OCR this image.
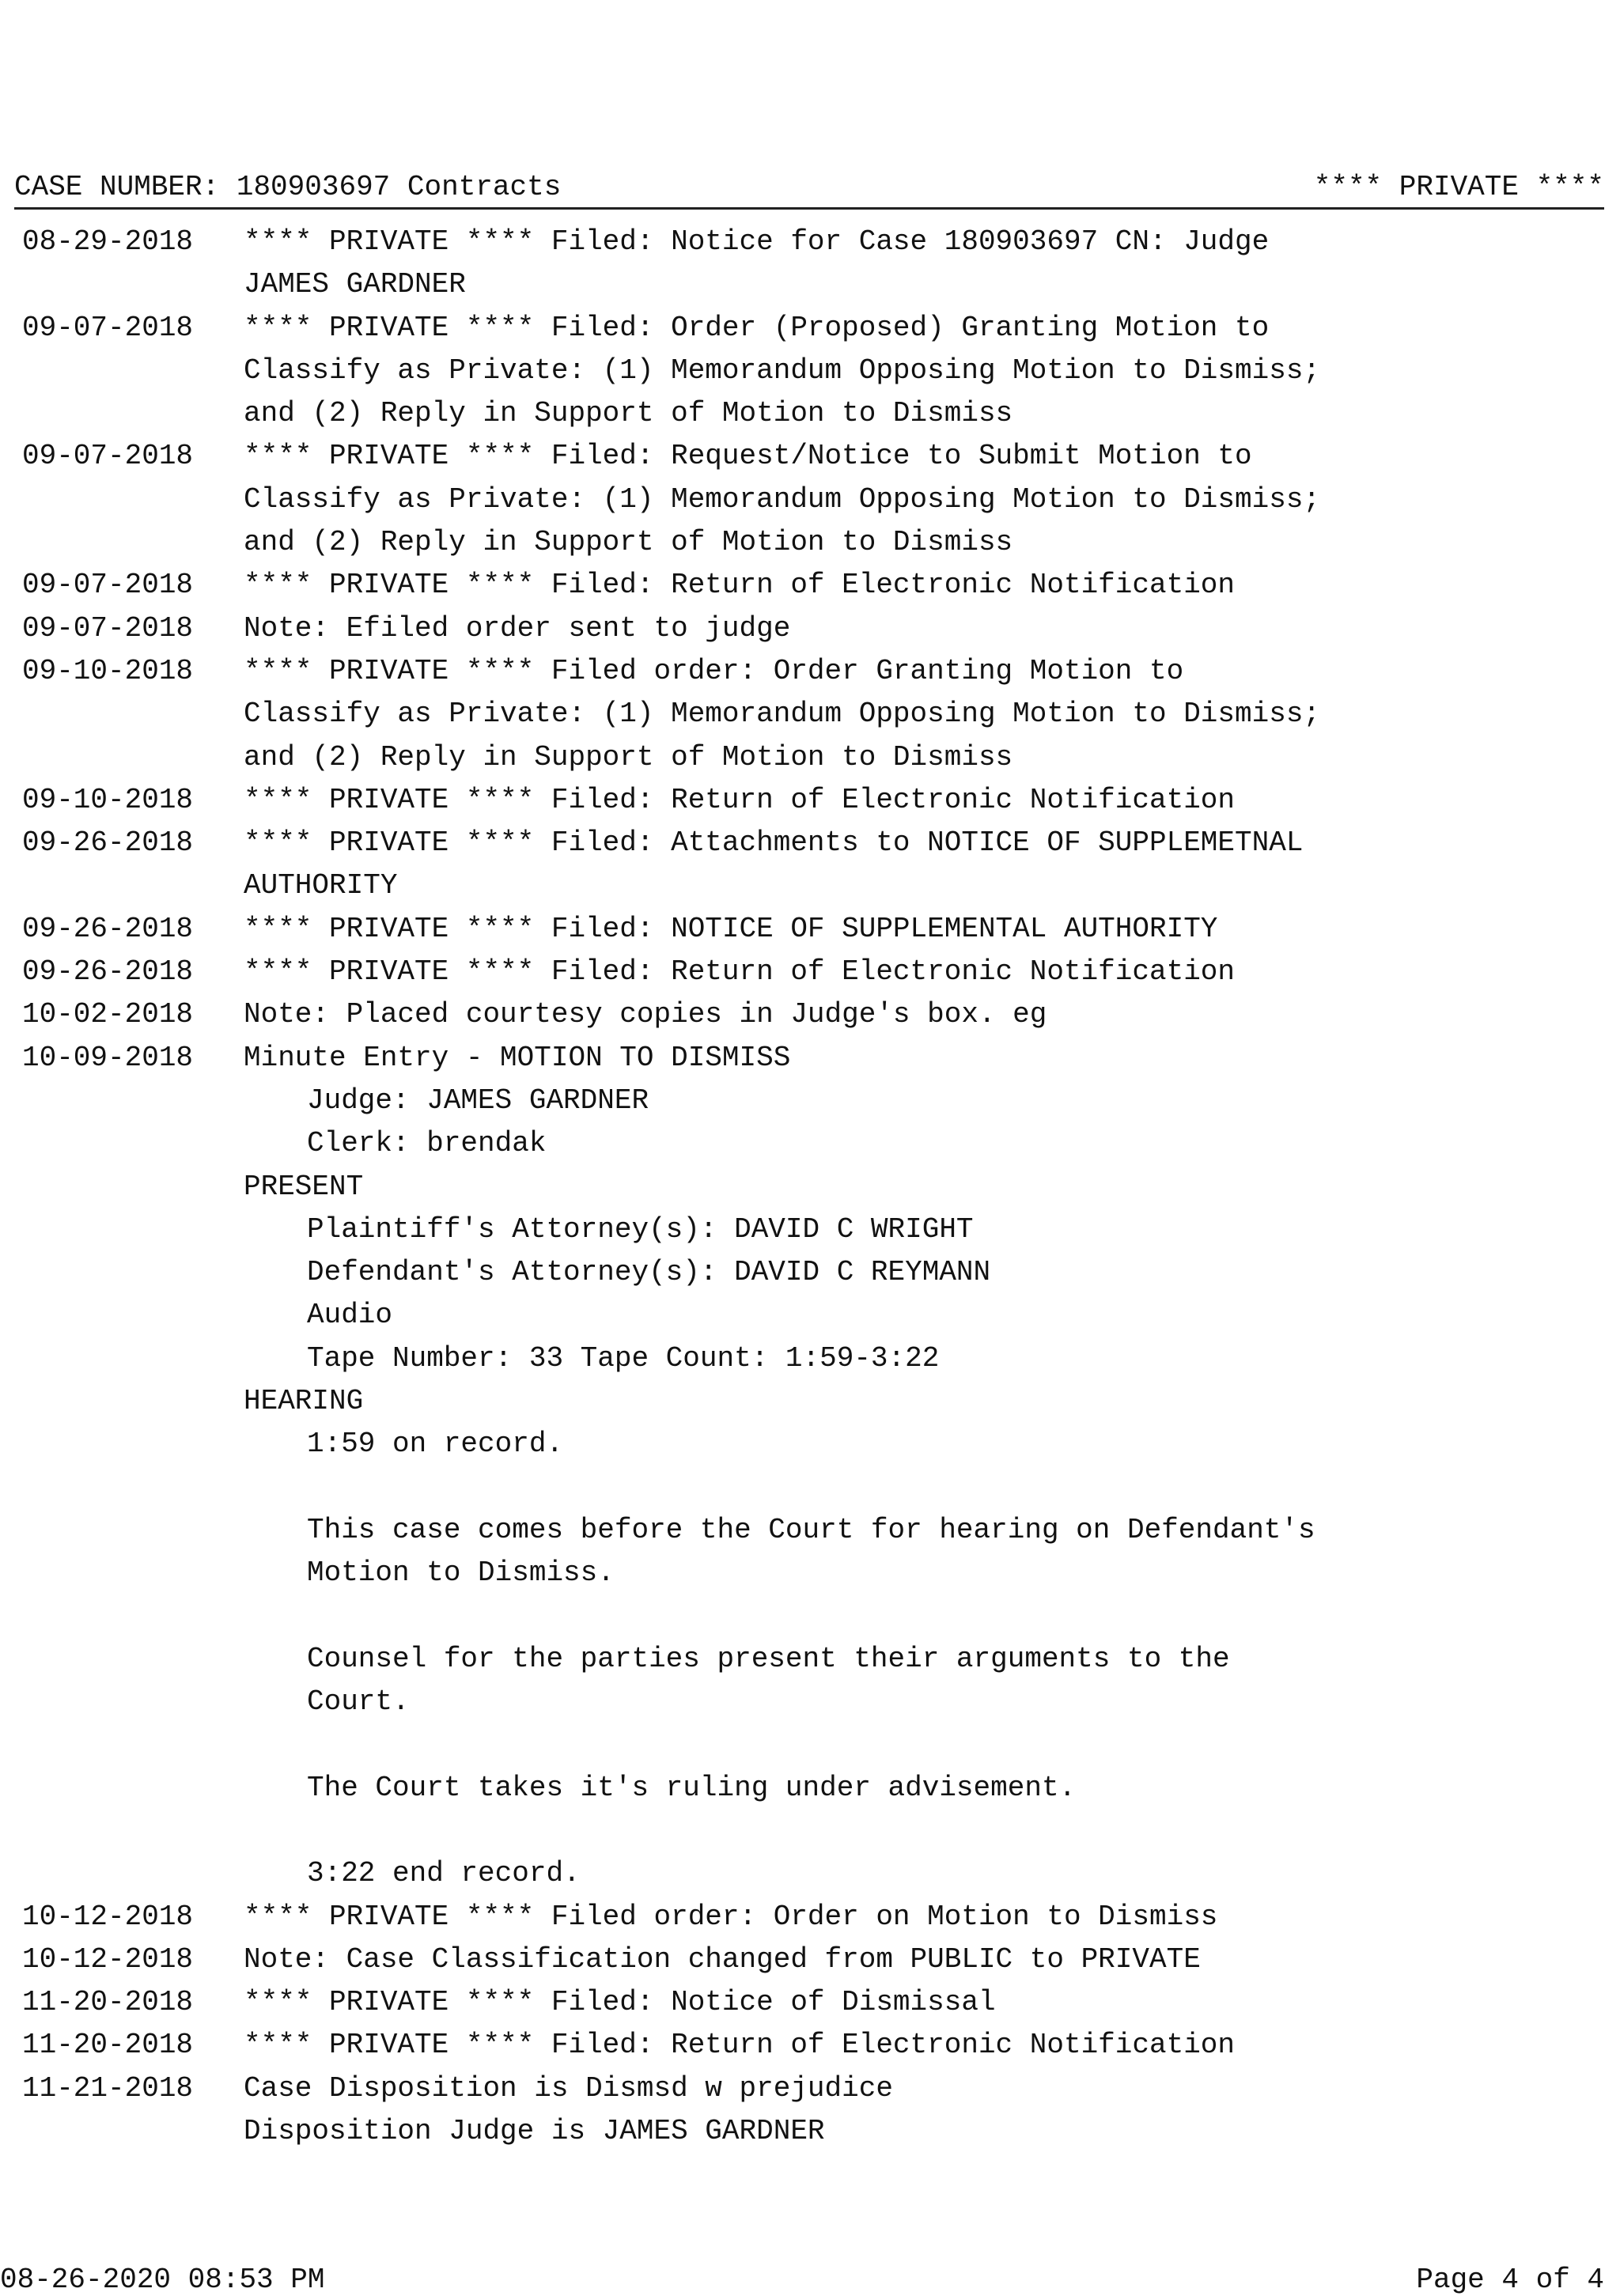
CASE NUMBER: 180903697 Contracts	**** PRIVATE ****
08-29-2018	**** PRIVATE **** Filed: Notice for Case 180903697 CN: Judge
JAMES GARDNER
09-07-2018	**** PRIVATE **** Filed: Order (Proposed) Granting Motion to
Classify as Private: (1) Memorandum Opposing Motion to Dismiss;
and (2) Reply in Support of Motion to Dismiss
09-07-2018	**** PRIVATE **** Filed: Request/Notice to Submit Motion to
Classify as Private: (1) Memorandum Opposing Motion to Dismiss;
and (2) Reply in Support of Motion to Dismiss
09-07-2018	**** PRIVATE **** Filed: Return of Electronic Notification
09-07-2018	Note: Efiled order sent to judge
09-10-2018	**** PRIVATE **** Filed order: Order Granting Motion to
Classify as Private: (1) Memorandum Opposing Motion to Dismiss;
and (2) Reply in Support of Motion to Dismiss
09-10-2018	**** PRIVATE **** Filed: Return of Electronic Notification
09-26-2018	**** PRIVATE **** Filed: Attachments to NOTICE OF SUPPLEMETNAL
AUTHORITY
09-26-2018	**** PRIVATE **** Filed: NOTICE OF SUPPLEMENTAL AUTHORITY
09-26-2018	**** PRIVATE **** Filed: Return of Electronic Notification
10-02-2018	Note: Placed courtesy copies in Judge's box. eg
10-09-2018	Minute Entry - MOTION TO DISMISS
Judge: JAMES GARDNER
Clerk: brendak
PRESENT
Plaintiff's Attorney(s): DAVID C WRIGHT
Defendant's Attorney(s): DAVID C REYMANN
Audio
Tape Number: 33 Tape Count: 1:59-3:22
HEARING
1:59 on record.
This case comes before the Court for hearing on Defendant's
Motion to Dismiss.
Counsel for the parties present their arguments to the
Court.
The Court takes it's ruling under advisement.
3:22 end record.
10-12-2018	**** PRIVATE **** Filed order: Order on Motion to Dismiss
10-12-2018	Note: Case Classification changed from PUBLIC to PRIVATE
11-20-2018	**** PRIVATE **** Filed: Notice of Dismissal
11-20-2018	**** PRIVATE **** Filed: Return of Electronic Notification
11-21-2018	Case Disposition is Dismsd w prejudice
Disposition Judge is JAMES GARDNER
08-26-2020 08:53 PM	Page 4 of 4
